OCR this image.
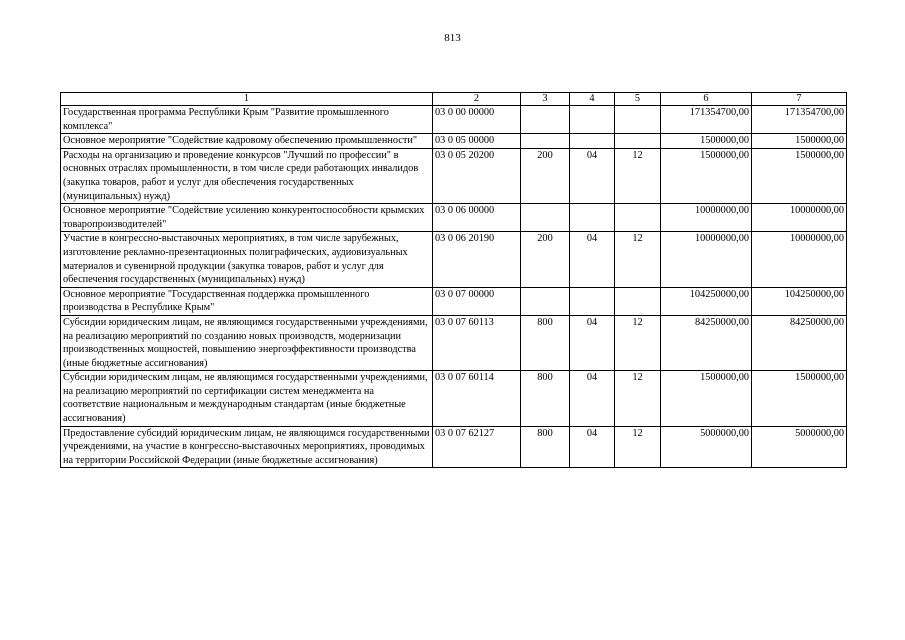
813
1	2	3	4	5	6	7
Государственная программа Республики Крым "Развитие промышленного комплекса"	03 0 00 00000				171354700,00	171354700,00
Основное мероприятие "Содействие кадровому обеспечению промышленности"	03 0 05 00000				1500000,00	1500000,00
Расходы на организацию и проведение конкурсов "Лучший по профессии" в основных отраслях промышленности, в том числе среди работающих инвалидов (закупка товаров, работ и услуг для обеспечения государственных (муниципальных) нужд)	03 0 05 20200	200	04	12	1500000,00	1500000,00
Основное мероприятие "Содействие усилению конкурентоспособности крымских товаропроизводителей"	03 0 06 00000				10000000,00	10000000,00
Участие в конгрессно-выставочных мероприятиях, в том числе зарубежных, изготовление рекламно-презентационных полиграфических, аудиовизуальных материалов и сувенирной продукции (закупка товаров, работ и услуг для обеспечения государственных (муниципальных) нужд)	03 0 06 20190	200	04	12	10000000,00	10000000,00
Основное мероприятие "Государственная поддержка промышленного производства в Республике Крым"	03 0 07 00000				104250000,00	104250000,00
Субсидии юридическим лицам, не являющимся государственными учреждениями, на реализацию мероприятий по созданию новых производств, модернизации производственных мощностей, повышению энергоэффективности производства (иные бюджетные ассигнования)	03 0 07 60113	800	04	12	84250000,00	84250000,00
Субсидии юридическим лицам, не являющимся государственными учреждениями, на реализацию мероприятий по сертификации систем менеджмента на соответствие национальным и международным стандартам (иные бюджетные ассигнования)	03 0 07 60114	800	04	12	1500000,00	1500000,00
Предоставление субсидий юридическим лицам, не являющимся государственными учреждениями, на участие в конгрессно-выставочных мероприятиях, проводимых на территории Российской Федерации (иные бюджетные ассигнования)	03 0 07 62127	800	04	12	5000000,00	5000000,00
